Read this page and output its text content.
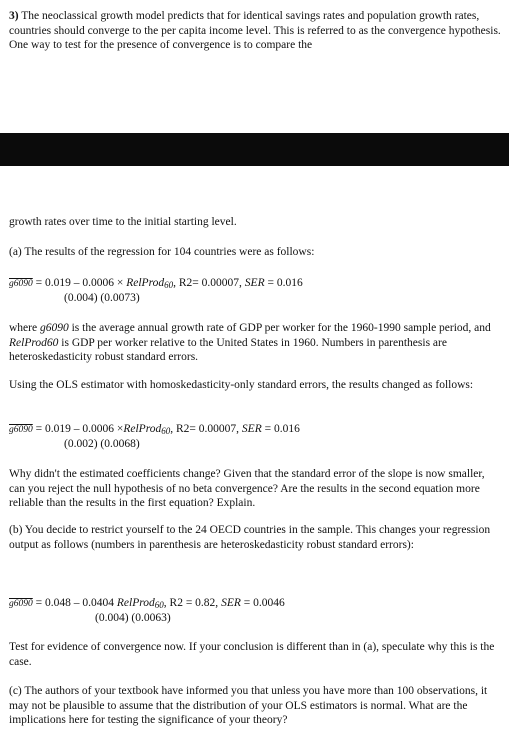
3) The neoclassical growth model predicts that for identical savings rates and population growth rates, countries should converge to the per capita income level. This is referred to as the convergence hypothesis. One way to test for the presence of convergence is to compare the

growth rates over time to the initial starting level.

(a) The results of the regression for 104 countries were as follows:

g6090 = 0.019 – 0.0006 × RelProd60, R2= 0.00007, SER = 0.016
(0.004) (0.0073)

where g6090 is the average annual growth rate of GDP per worker for the 1960-1990 sample period, and RelProd60 is GDP per worker relative to the United States in 1960. Numbers in parenthesis are heteroskedasticity robust standard errors.

Using the OLS estimator with homoskedasticity-only standard errors, the results changed as follows:

g6090 = 0.019 – 0.0006 ×RelProd60, R2= 0.00007, SER = 0.016
(0.002) (0.0068)

Why didn't the estimated coefficients change? Given that the standard error of the slope is now smaller, can you reject the null hypothesis of no beta convergence? Are the results in the second equation more reliable than the results in the first equation? Explain.

(b) You decide to restrict yourself to the 24 OECD countries in the sample. This changes your regression output as follows (numbers in parenthesis are heteroskedasticity robust standard errors):

g6090 = 0.048 – 0.0404 RelProd60, R2 = 0.82, SER = 0.0046
(0.004) (0.0063)

Test for evidence of convergence now. If your conclusion is different than in (a), speculate why this is the case.

(c) The authors of your textbook have informed you that unless you have more than 100 observations, it may not be plausible to assume that the distribution of your OLS estimators is normal. What are the implications here for testing the significance of your theory?
